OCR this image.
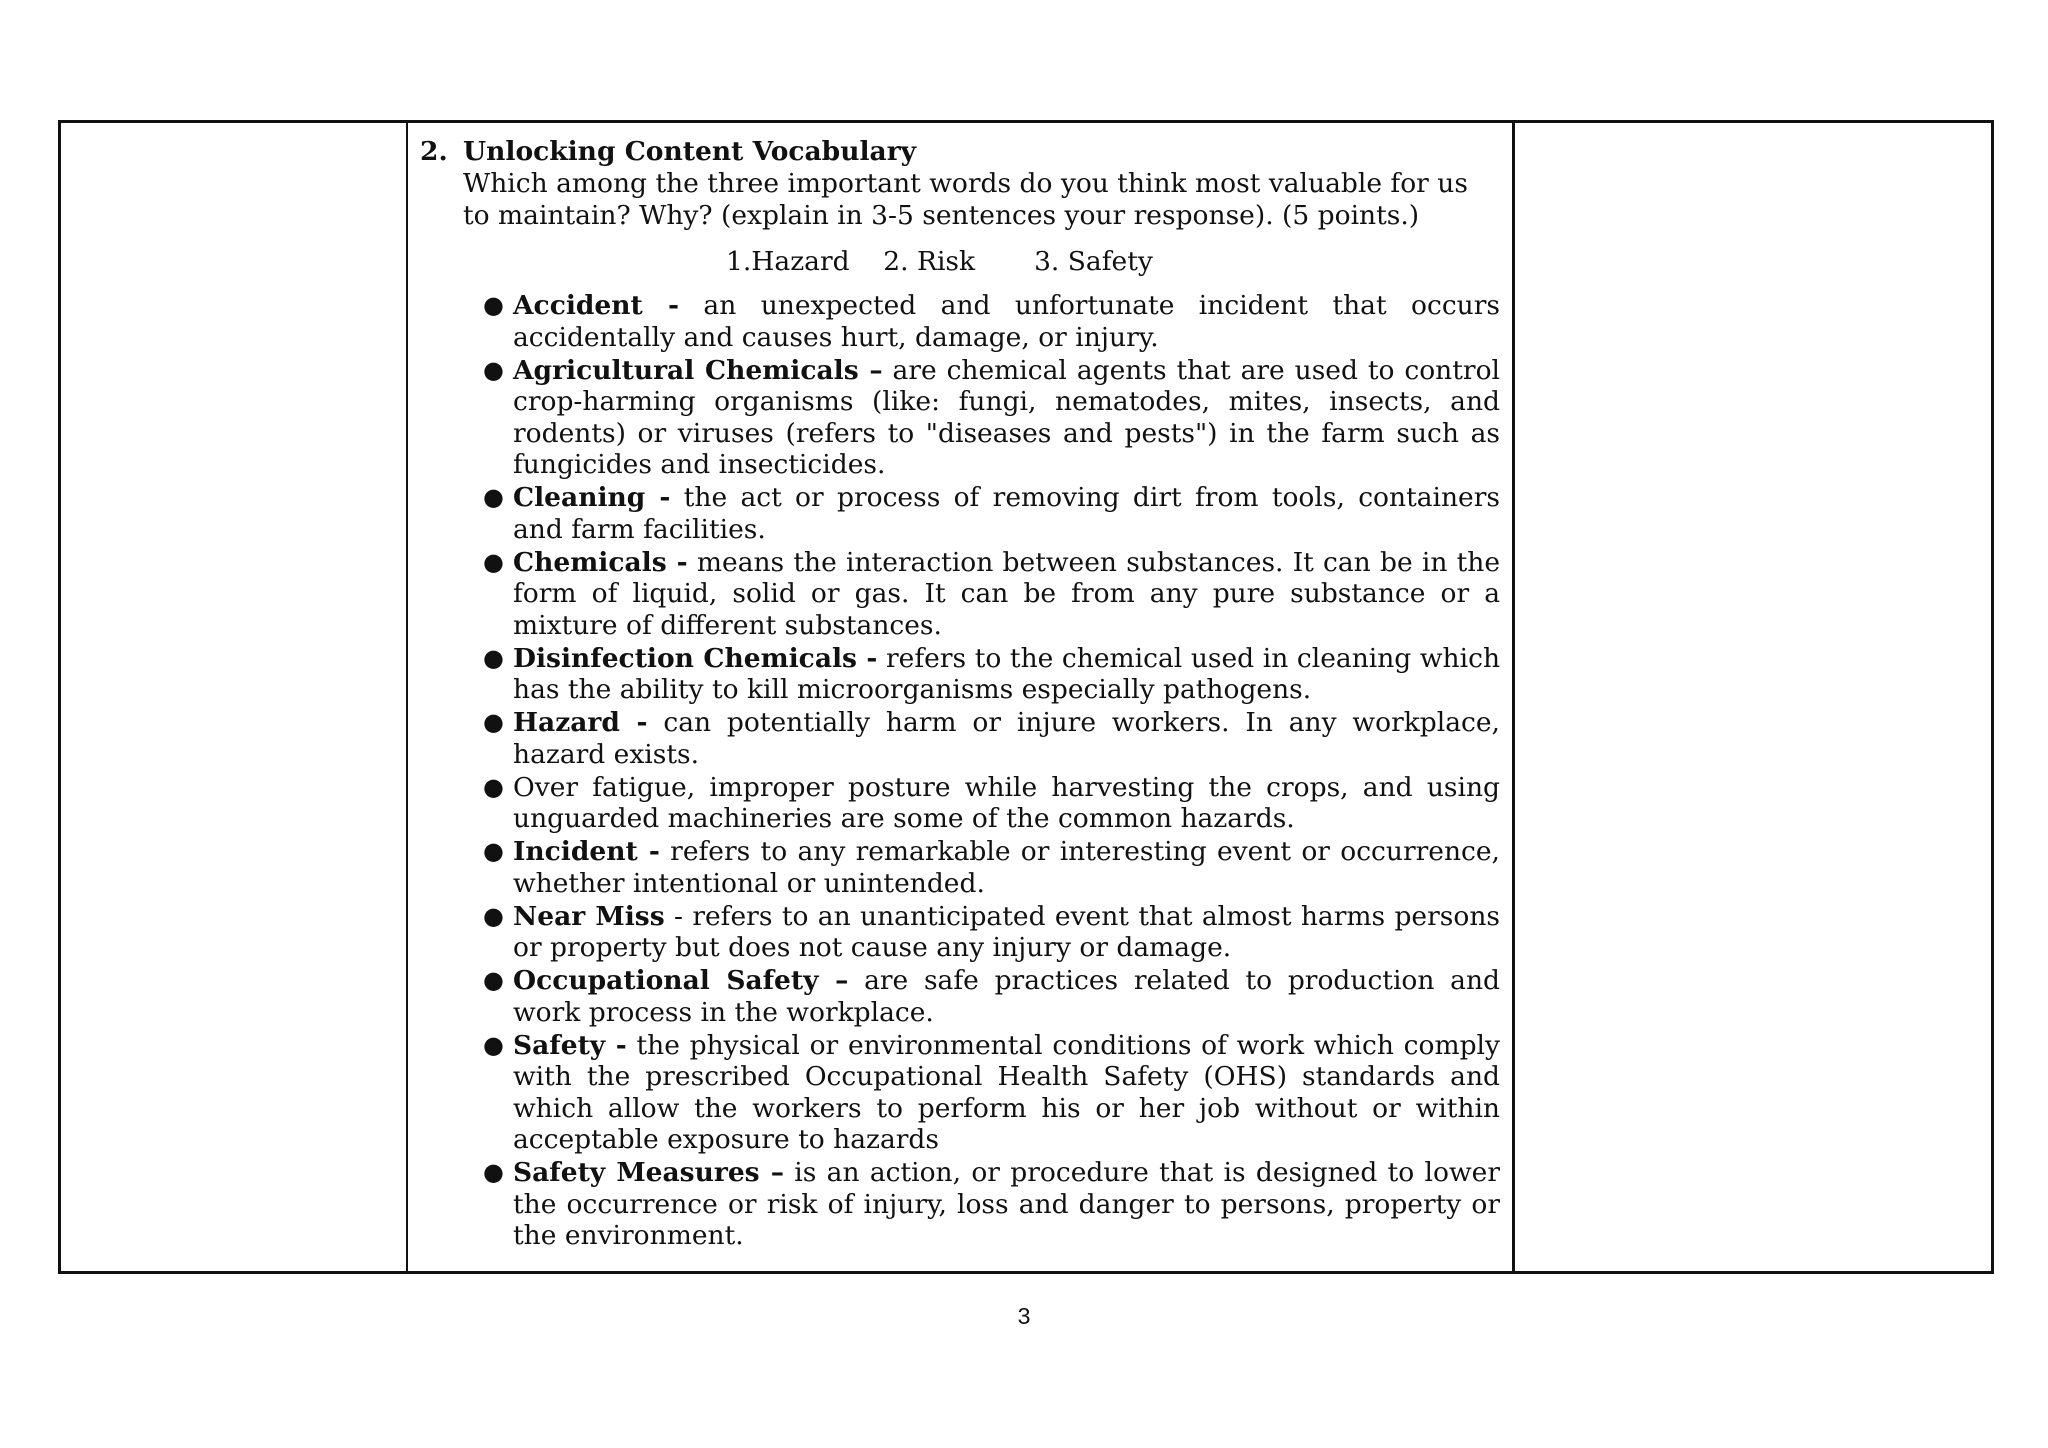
2. Unlocking Content Vocabulary

Which among the three important words do you think most valuable for us to maintain? Why? (explain in 3-5 sentences your response). (5 points.)

1.Hazard 2. Risk 3. Safety
● Accident - an unexpected and unfortunate incident that occurs accidentally and causes hurt, damage, or injury.
● Agricultural Chemicals – are chemical agents that are used to control crop-harming organisms (like: fungi, nematodes, mites, insects, and rodents) or viruses (refers to "diseases and pests") in the farm such as fungicides and insecticides.
● Cleaning - the act or process of removing dirt from tools, containers and farm facilities.
● Chemicals - means the interaction between substances. It can be in the form of liquid, solid or gas. It can be from any pure substance or a mixture of different substances.
● Disinfection Chemicals - refers to the chemical used in cleaning which has the ability to kill microorganisms especially pathogens.
● Hazard - can potentially harm or injure workers. In any workplace, hazard exists.
● Over fatigue, improper posture while harvesting the crops, and using unguarded machineries are some of the common hazards.
● Incident - refers to any remarkable or interesting event or occurrence, whether intentional or unintended.
● Near Miss - refers to an unanticipated event that almost harms persons or property but does not cause any injury or damage.
● Occupational Safety – are safe practices related to production and work process in the workplace.
● Safety - the physical or environmental conditions of work which comply with the prescribed Occupational Health Safety (OHS) standards and which allow the workers to perform his or her job without or within acceptable exposure to hazards
● Safety Measures – is an action, or procedure that is designed to lower the occurrence or risk of injury, loss and danger to persons, property or the environment.
3
